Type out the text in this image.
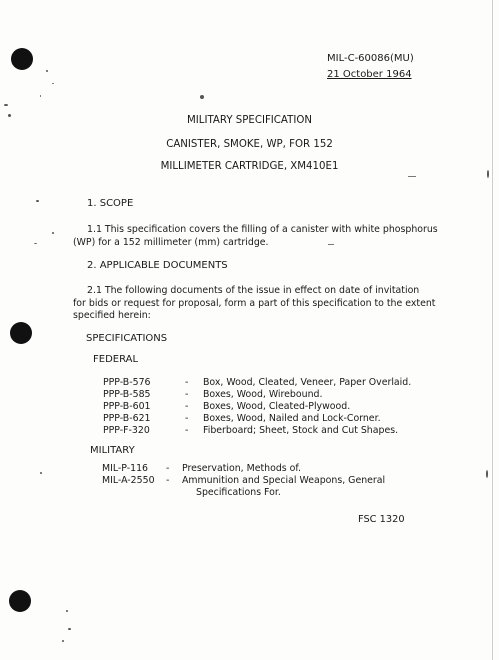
MIL-C-60086(MU)
21 October 1964
MILITARY SPECIFICATION
CANISTER, SMOKE, WP, FOR 152
MILLIMETER CARTRIDGE, XM410E1
1. SCOPE
1.1 This specification covers the filling of a canister with white phosphorus
(WP) for a 152 millimeter (mm) cartridge.
2. APPLICABLE DOCUMENTS
2.1 The following documents of the issue in effect on date of invitation
for bids or request for proposal, form a part of this specification to the extent
specified herein:
SPECIFICATIONS
FEDERAL
PPP-B-576	- Box, Wood, Cleated, Veneer, Paper Overlaid.
PPP-B-585	- Boxes, Wood, Wirebound.
PPP-B-601	- Boxes, Wood, Cleated-Plywood.
PPP-B-621	- Boxes, Wood, Nailed and Lock-Corner.
PPP-F-320	- Fiberboard; Sheet, Stock and Cut Shapes.
MILITARY
MIL-P-116 - Preservation, Methods of.
MIL-A-2550 - Ammunition and Special Weapons, General
Specifications For.
FSC 1320
